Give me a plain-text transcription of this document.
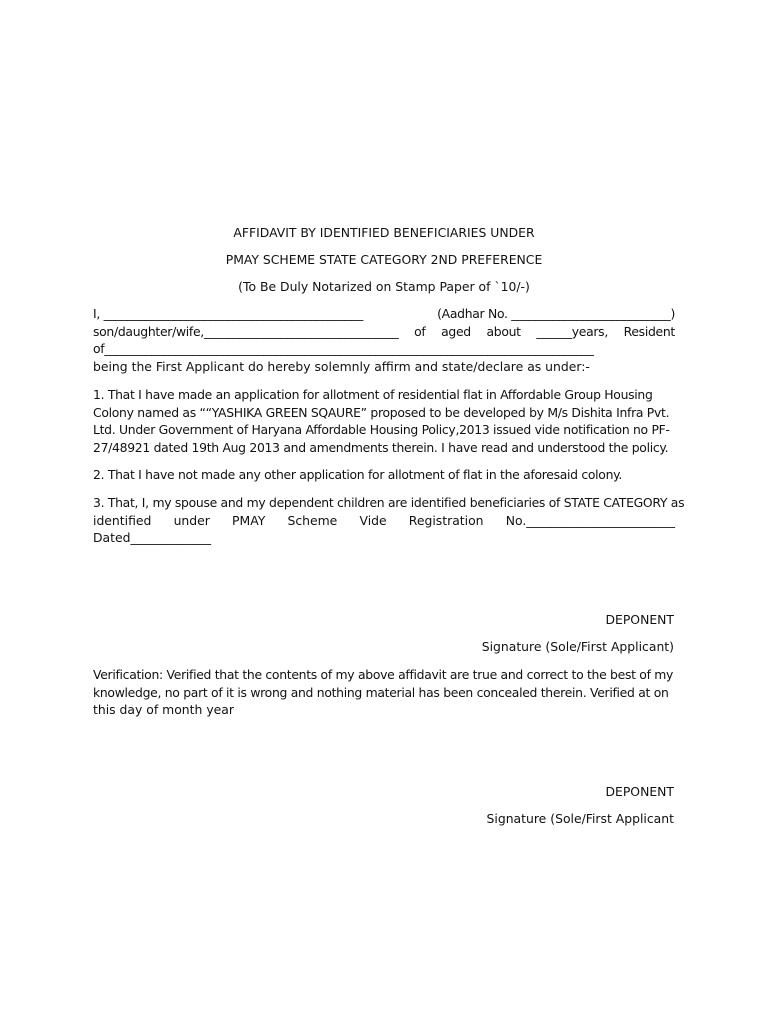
AFFIDAVIT BY IDENTIFIED BENEFICIARIES UNDER
PMAY SCHEME STATE CATEGORY 2ND PREFERENCE
(To Be Duly Notarized on Stamp Paper of `10/-)
I, ____________________________________________	(Aadhar No. ___________________________)
son/daughter/wife,_________________________________ of aged about ______years, Resident
of___________________________________________________________________________________
being the First Applicant do hereby solemnly affirm and state/declare as under:-
1. That I have made an application for allotment of residential flat in Affordable Group Housing
Colony named as ““YASHIKA GREEN SQAURE” proposed to be developed by M/s Dishita Infra Pvt.
Ltd. Under Government of Haryana Affordable Housing Policy,2013 issued vide notification no PF-
27/48921 dated 19th Aug 2013 and amendments therein. I have read and understood the policy.
2. That I have not made any other application for allotment of flat in the aforesaid colony.
3. That, I, my spouse and my dependent children are identified beneficiaries of STATE CATEGORY as
identified under PMAY Scheme Vide Registration No.________________________
Dated_____________
DEPONENT
Signature (Sole/First Applicant)
Verification: Verified that the contents of my above affidavit are true and correct to the best of my
knowledge, no part of it is wrong and nothing material has been concealed therein. Verified at on
this day of month year
DEPONENT
Signature (Sole/First Applicant
